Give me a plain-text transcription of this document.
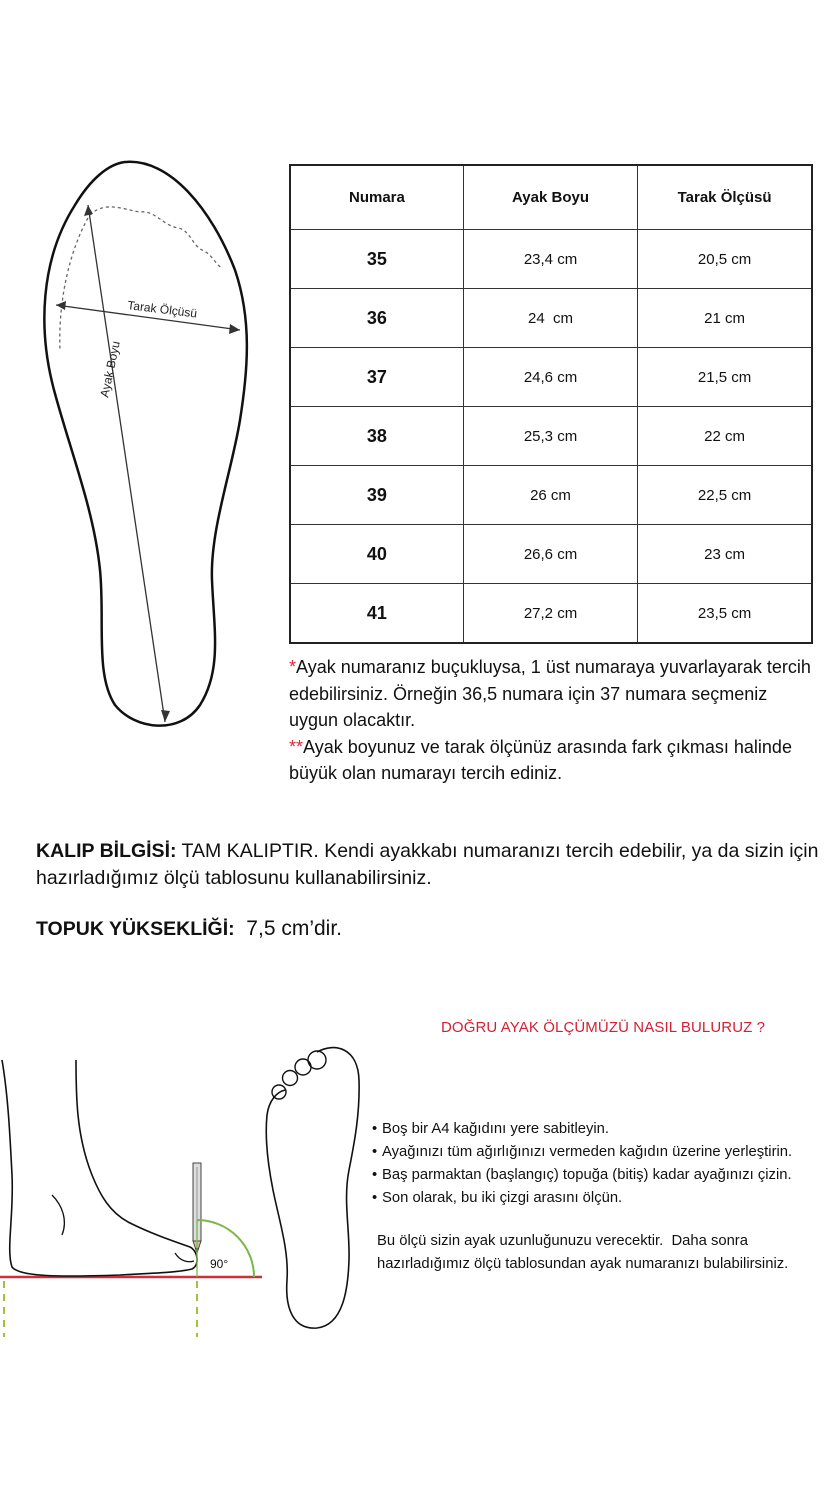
Tarak Ölçüsü
Ayak Boyu
Numara	Ayak Boyu	Tarak Ölçüsü
35	23,4 cm	20,5 cm
36	24  cm	21 cm
37	24,6 cm	21,5 cm
38	25,3 cm	22 cm
39	26 cm	22,5 cm
40	26,6 cm	23 cm
41	27,2 cm	23,5 cm

*Ayak numaranız buçukluysa, 1 üst numaraya yuvarlayarak tercih edebilirsiniz. Örneğin 36,5 numara için 37 numara seçmeniz uygun olacaktır.

**Ayak boyunuz ve tarak ölçünüz arasında fark çıkması halinde büyük olan numarayı tercih ediniz.

KALIP BİLGİSİ: TAM KALIPTIR. Kendi ayakkabı numaranızı tercih edebilir, ya da sizin için hazırladığımız ölçü tablosunu kullanabilirsiniz.
TOPUK YÜKSEKLİĞİ:  7,5 cm’dir.
DOĞRU AYAK ÖLÇÜMÜZÜ NASIL BULURUZ ?
90°
• Boş bir A4 kağıdını yere sabitleyin.
• Ayağınızı tüm ağırlığınızı vermeden kağıdın üzerine yerleştirin.
• Baş parmaktan (başlangıç) topuğa (bitiş) kadar ayağınızı çizin.
• Son olarak, bu iki çizgi arasını ölçün.
Bu ölçü sizin ayak uzunluğunuzu verecektir.  Daha sonra
hazırladığımız ölçü tablosundan ayak numaranızı bulabilirsiniz.
